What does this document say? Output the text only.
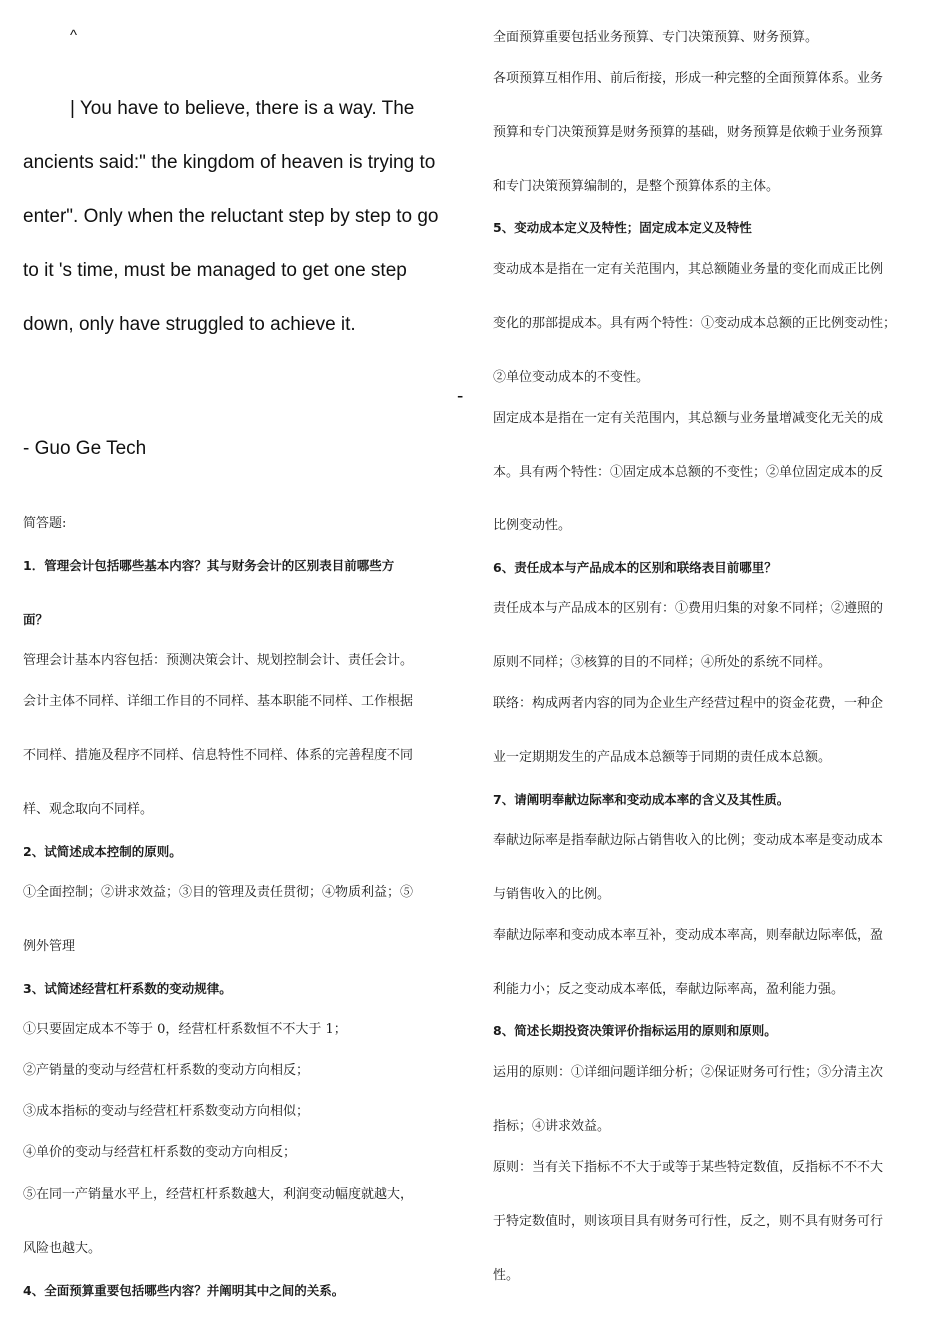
^
| You have to believe, there is a way. The
ancients said:" the kingdom of heaven is trying to
enter". Only when the reluctant step by step to go
to it 's time, must be managed to get one step
down, only have struggled to achieve it.
-
- Guo Ge Tech
简答题:
1．管理会计包括哪些基本内容？其与财务会计的区别表目前哪些方
面？
管理会计基本内容包括：预测决策会计、规划控制会计、责任会计。
会计主体不同样、详细工作目的不同样、基本职能不同样、工作根据
不同样、措施及程序不同样、信息特性不同样、体系的完善程度不同
样、观念取向不同样。
2、试简述成本控制的原则。
①全面控制；②讲求效益；③目的管理及责任贯彻；④物质利益；⑤
例外管理
3、试简述经营杠杆系数的变动规律。
①只要固定成本不等于 0，经营杠杆系数恒不不大于 1；
②产销量的变动与经营杠杆系数的变动方向相反；
③成本指标的变动与经营杠杆系数变动方向相似；
④单价的变动与经营杠杆系数的变动方向相反；
⑤在同一产销量水平上，经营杠杆系数越大，利润变动幅度就越大，
风险也越大。
4、全面预算重要包括哪些内容？并阐明其中之间的关系。
全面预算重要包括业务预算、专门决策预算、财务预算。
各项预算互相作用、前后衔接，形成一种完整的全面预算体系。业务
预算和专门决策预算是财务预算的基础，财务预算是依赖于业务预算
和专门决策预算编制的，是整个预算体系的主体。
5、变动成本定义及特性；固定成本定义及特性
变动成本是指在一定有关范围内，其总额随业务量的变化而成正比例
变化的那部提成本。具有两个特性：①变动成本总额的正比例变动性；
②单位变动成本的不变性。
固定成本是指在一定有关范围内，其总额与业务量增减变化无关的成
本。具有两个特性：①固定成本总额的不变性；②单位固定成本的反
比例变动性。
6、责任成本与产品成本的区别和联络表目前哪里？
责任成本与产品成本的区别有：①费用归集的对象不同样；②遵照的
原则不同样；③核算的目的不同样；④所处的系统不同样。
联络：构成两者内容的同为企业生产经营过程中的资金花费，一种企
业一定期期发生的产品成本总额等于同期的责任成本总额。
7、请阐明奉献边际率和变动成本率的含义及其性质。
奉献边际率是指奉献边际占销售收入的比例；变动成本率是变动成本
与销售收入的比例。
奉献边际率和变动成本率互补，变动成本率高，则奉献边际率低，盈
利能力小；反之变动成本率低，奉献边际率高，盈利能力强。
8、简述长期投资决策评价指标运用的原则和原则。
运用的原则：①详细问题详细分析；②保证财务可行性；③分清主次
指标；④讲求效益。
原则：当有关下指标不不大于或等于某些特定数值，反指标不不不大
于特定数值时，则该项目具有财务可行性，反之，则不具有财务可行
性。
